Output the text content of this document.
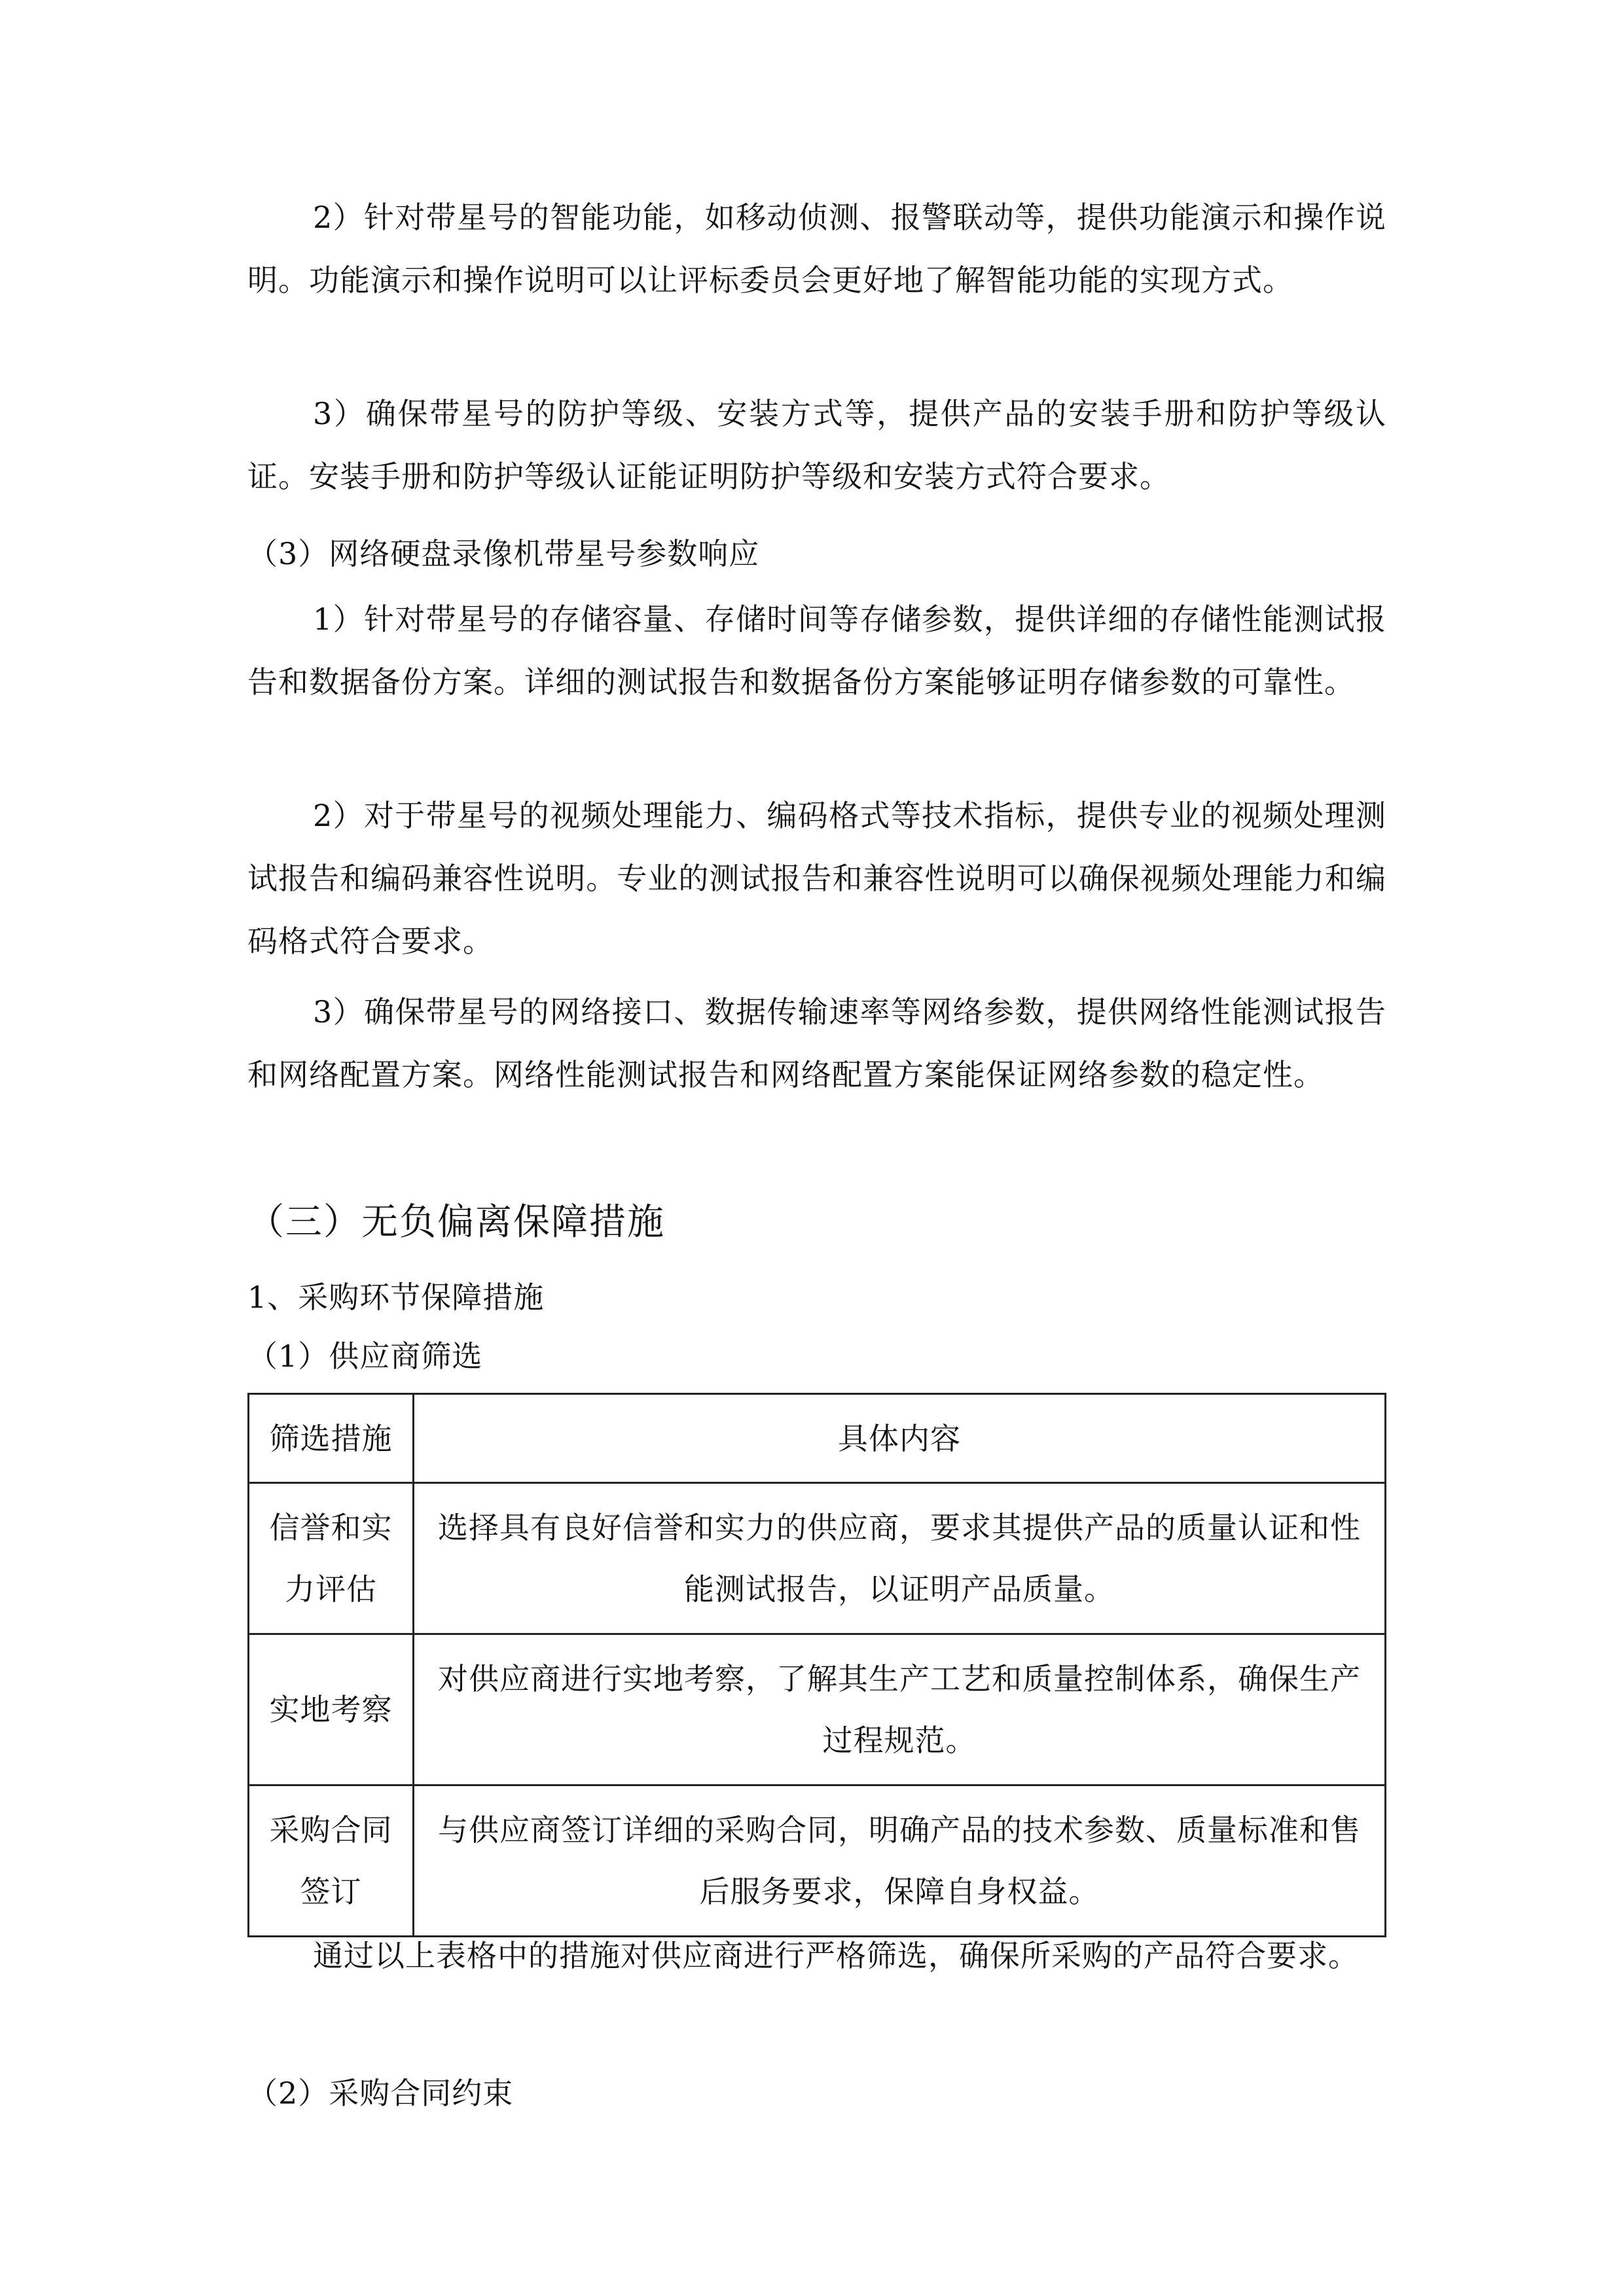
2）针对带星号的智能功能，如移动侦测、报警联动等，提供功能演示和操作说明。功能演示和操作说明可以让评标委员会更好地了解智能功能的实现方式。

3）确保带星号的防护等级、安装方式等，提供产品的安装手册和防护等级认证。安装手册和防护等级认证能证明防护等级和安装方式符合要求。

（3）网络硬盘录像机带星号参数响应

1）针对带星号的存储容量、存储时间等存储参数，提供详细的存储性能测试报告和数据备份方案。详细的测试报告和数据备份方案能够证明存储参数的可靠性。

2）对于带星号的视频处理能力、编码格式等技术指标，提供专业的视频处理测试报告和编码兼容性说明。专业的测试报告和兼容性说明可以确保视频处理能力和编码格式符合要求。

3）确保带星号的网络接口、数据传输速率等网络参数，提供网络性能测试报告和网络配置方案。网络性能测试报告和网络配置方案能保证网络参数的稳定性。

（三）无负偏离保障措施

1、采购环节保障措施

（1）供应商筛选

筛选措施	具体内容
信誉和实力评估	选择具有良好信誉和实力的供应商，要求其提供产品的质量认证和性能测试报告，以证明产品质量。
实地考察	对供应商进行实地考察，了解其生产工艺和质量控制体系，确保生产过程规范。
采购合同签订	与供应商签订详细的采购合同，明确产品的技术参数、质量标准和售后服务要求，保障自身权益。

通过以上表格中的措施对供应商进行严格筛选，确保所采购的产品符合要求。

（2）采购合同约束
